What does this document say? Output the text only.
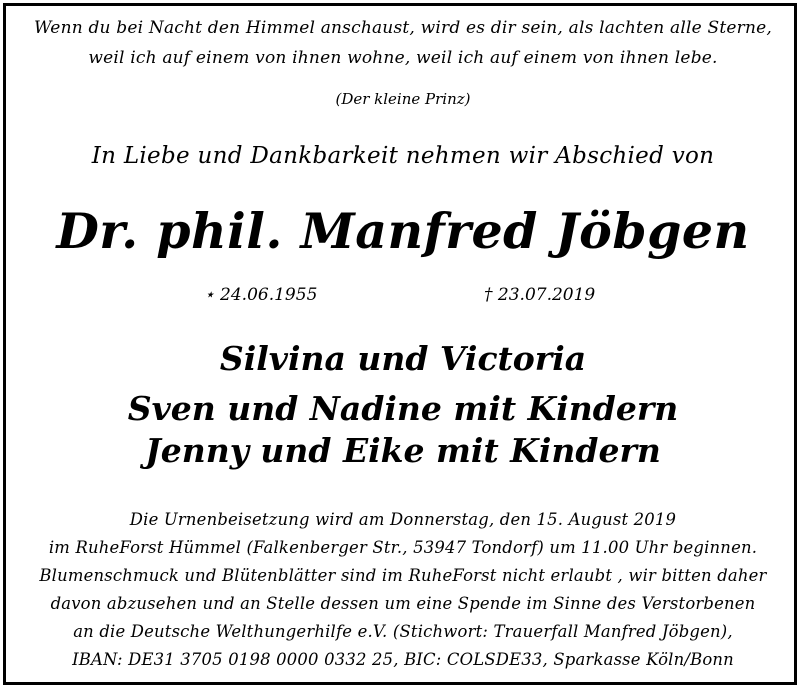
Wenn du bei Nacht den Himmel anschaust, wird es dir sein, als lachten alle Sterne,
weil ich auf einem von ihnen wohne, weil ich auf einem von ihnen lebe.
(Der kleine Prinz)
In Liebe und Dankbarkeit nehmen wir Abschied von
Dr. phil. Manfred Jöbgen
⋆ 24.06.1955	† 23.07.2019
Silvina und Victoria
Sven und Nadine mit Kindern
Jenny und Eike mit Kindern
Die Urnenbeisetzung wird am Donnerstag, den 15. August 2019
im RuheForst Hümmel (Falkenberger Str., 53947 Tondorf) um 11.00 Uhr beginnen.
Blumenschmuck und Blütenblätter sind im RuheForst nicht erlaubt , wir bitten daher
davon abzusehen und an Stelle dessen um eine Spende im Sinne des Verstorbenen
an die Deutsche Welthungerhilfe e.V. (Stichwort: Trauerfall Manfred Jöbgen),
IBAN: DE31 3705 0198 0000 0332 25, BIC: COLSDE33, Sparkasse Köln/Bonn
